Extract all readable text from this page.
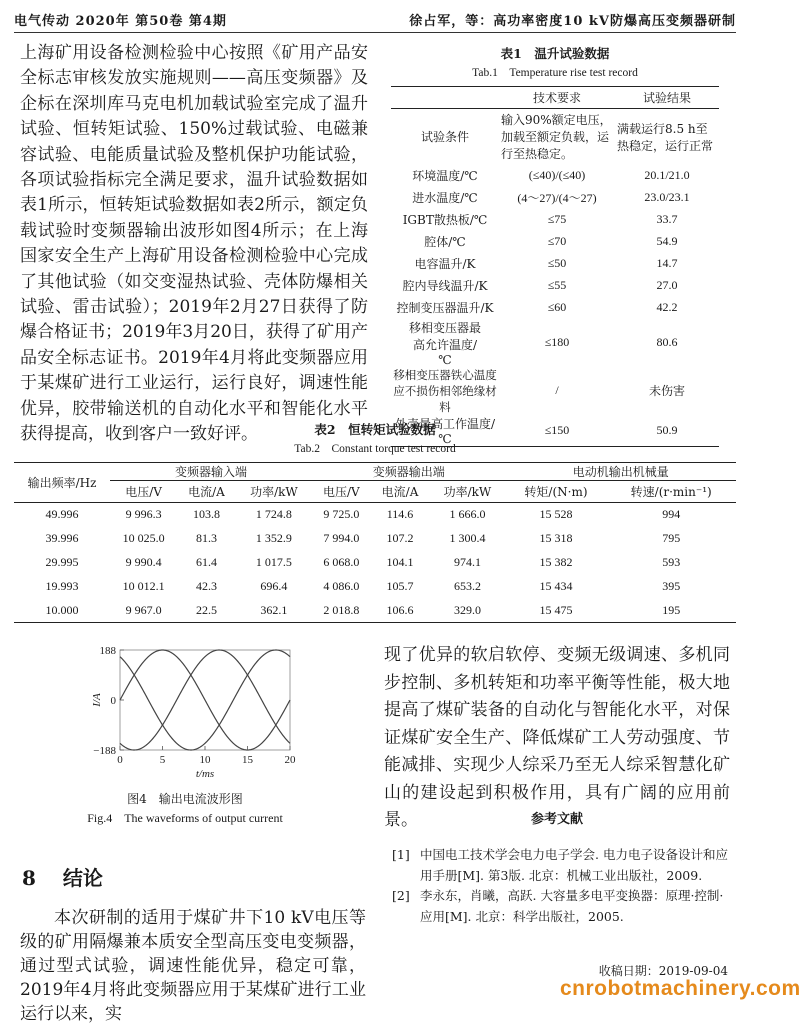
电气传动 2020年 第50卷 第4期	徐占军，等：高功率密度10 kV防爆高压变频器研制

上海矿用设备检测检验中心按照《矿用产品安全标志审核发放实施规则——高压变频器》及企标在深圳库马克电机加载试验室完成了温升试验、恒转矩试验、150%过载试验、电磁兼容试验、电能质量试验及整机保护功能试验，各项试验指标完全满足要求，温升试验数据如表1所示，恒转矩试验数据如表2所示，额定负载试验时变频器输出波形如图4所示；在上海国家安全生产上海矿用设备检测检验中心完成了其他试验（如交变湿热试验、壳体防爆相关试验、雷击试验）；2019年2月27日获得了防爆合格证书；2019年3月20日，获得了矿用产品安全标志证书。2019年4月将此变频器应用于某煤矿进行工业运行，运行良好，调速性能优异，胶带输送机的自动化水平和智能化水平获得提高，收到客户一致好评。

表1　温升试验数据
Tab.1　Temperature rise test record
	技术要求	试验结果
试验条件	输入90%额定电压，加载至额定负载，运行至热稳定。	满载运行8.5 h至热稳定，运行正常
环境温度/℃	(≤40)/(≤40)	20.1/21.0
进水温度/℃	(4～27)/(4～27)	23.0/23.1
IGBT散热板/℃	≤75	33.7
腔体/℃	≤70	54.9
电容温升/K	≤50	14.7
腔内导线温升/K	≤55	27.0
控制变压器温升/K	≤60	42.2
移相变压器最高允许温度/℃	≤180	80.6
移相变压器铁心温度应不损伤相邻绝缘材料	/	未伤害
外壳最高工作温度/℃	≤150	50.9
表2　恒转矩试验数据
Tab.2　Constant torque test record
输出频率/Hz	变频器输入端			变频器输出端			电动机输出机械量	
	电压/V	电流/A	功率/kW	电压/V	电流/A	功率/kW	转矩/(N·m)	转速/(r·min⁻¹)
49.996	9 996.3	103.8	1 724.8	9 725.0	114.6	1 666.0	15 528	994
39.996	10 025.0	81.3	1 352.9	7 994.0	107.2	1 300.4	15 318	795
29.995	9 990.4	61.4	1 017.5	6 068.0	104.1	974.1	15 382	593
19.993	10 012.1	42.3	696.4	4 086.0	105.7	653.2	15 434	395
10.000	9 967.0	22.5	362.1	2 018.8	106.6	329.0	15 475	195
188
0
−188
0	5	10	15	20
I/A
t/ms
图4　输出电流波形图
Fig.4　The waveforms of output current

现了优异的软启软停、变频无级调速、多机同步控制、多机转矩和功率平衡等性能，极大地提高了煤矿装备的自动化与智能化水平，对保证煤矿安全生产、降低煤矿工人劳动强度、节能减排、实现少人综采乃至无人综采智慧化矿山的建设起到积极作用，具有广阔的应用前景。	参考文献
[1] 中国电工技术学会电力电子学会. 电力电子设备设计和应用手册[M]. 第3版. 北京：机械工业出版社，2009.
[2] 李永东，肖曦，高跃. 大容量多电平变换器：原理·控制·应用[M]. 北京：科学出版社，2005.
收稿日期：2019-09-04
cnrobotmachinery.com
8 结论

本次研制的适用于煤矿井下10 kV电压等级的矿用隔爆兼本质安全型高压变电变频器，通过型式试验，调速性能优异，稳定可靠，2019年4月将此变频器应用于某煤矿进行工业运行以来，实
